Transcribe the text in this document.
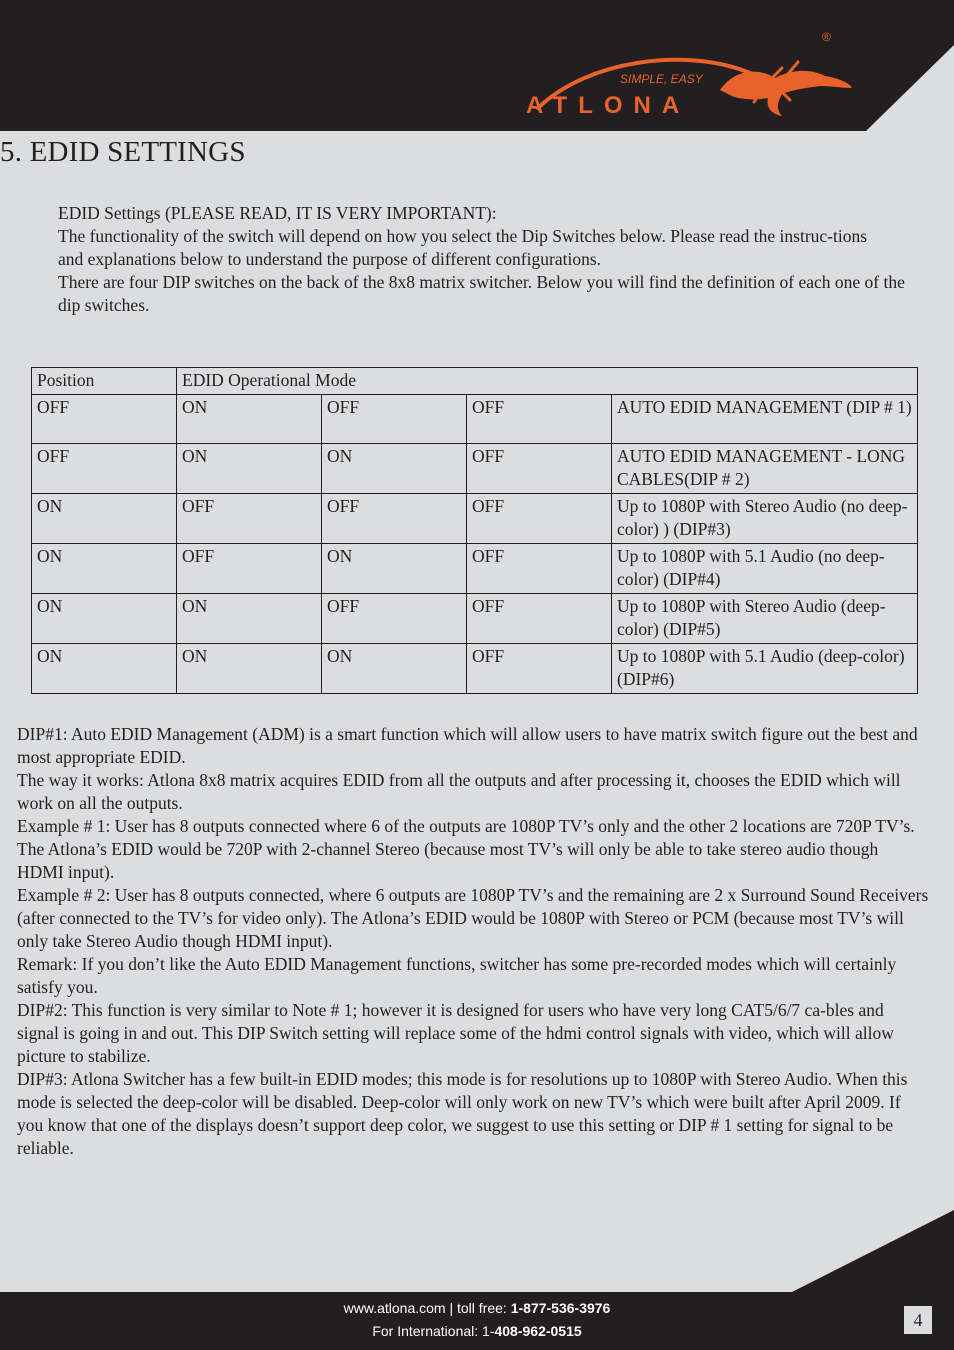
SIMPLE, EASY
ATLONA
®
5. EDID SETTINGS

EDID Settings (PLEASE READ, IT IS VERY IMPORTANT):

The functionality of the switch will depend on how you select the Dip Switches below. Please read the instruc-tions

and explanations below to understand the purpose of different configurations.

There are four DIP switches on the back of the 8x8 matrix switcher. Below you will find the definition of each one of the dip switches.

Position	EDID Operational Mode			
OFF	ON	OFF	OFF	AUTO EDID MANAGEMENT (DIP # 1)
OFF	ON	ON	OFF	AUTO EDID MANAGEMENT - LONG CABLES(DIP # 2)
ON	OFF	OFF	OFF	Up to 1080P with Stereo Audio (no deep-color) ) (DIP#3)
ON	OFF	ON	OFF	Up to 1080P with 5.1 Audio (no deep-color) (DIP#4)
ON	ON	OFF	OFF	Up to 1080P with Stereo Audio (deep-color) (DIP#5)
ON	ON	ON	OFF	Up to 1080P with 5.1 Audio (deep-color) (DIP#6)

DIP#1: Auto EDID Management (ADM) is a smart function which will allow users to have matrix switch figure out the best and most appropriate EDID.

The way it works: Atlona 8x8 matrix acquires EDID from all the outputs and after processing it, chooses the EDID which will work on all the outputs.

Example # 1: User has 8 outputs connected where 6 of the outputs are 1080P TV’s only and the other 2 locations are 720P TV’s. The Atlona’s EDID would be 720P with 2-channel Stereo (because most TV’s will only be able to take stereo audio though HDMI input).

Example # 2: User has 8 outputs connected, where 6 outputs are 1080P TV’s and the remaining are 2 x Surround Sound Receivers (after connected to the TV’s for video only). The Atlona’s EDID would be 1080P with Stereo or PCM (because most TV’s will only take Stereo Audio though HDMI input).

Remark: If you don’t like the Auto EDID Management functions, switcher has some pre-recorded modes which will certainly satisfy you.

DIP#2: This function is very similar to Note # 1; however it is designed for users who have very long CAT5/6/7 ca-bles and signal is going in and out. This DIP Switch setting will replace some of the hdmi control signals with video, which will allow picture to stabilize.

DIP#3: Atlona Switcher has a few built-in EDID modes; this mode is for resolutions up to 1080P with Stereo Audio. When this mode is selected the deep-color will be disabled. Deep-color will only work on new TV’s which were built after April 2009. If you know that one of the displays doesn’t support deep color, we suggest to use this setting or DIP # 1 setting for signal to be reliable.

www.atlona.com | toll free: 1-877-536-3976
For International: 1-408-962-0515
4
